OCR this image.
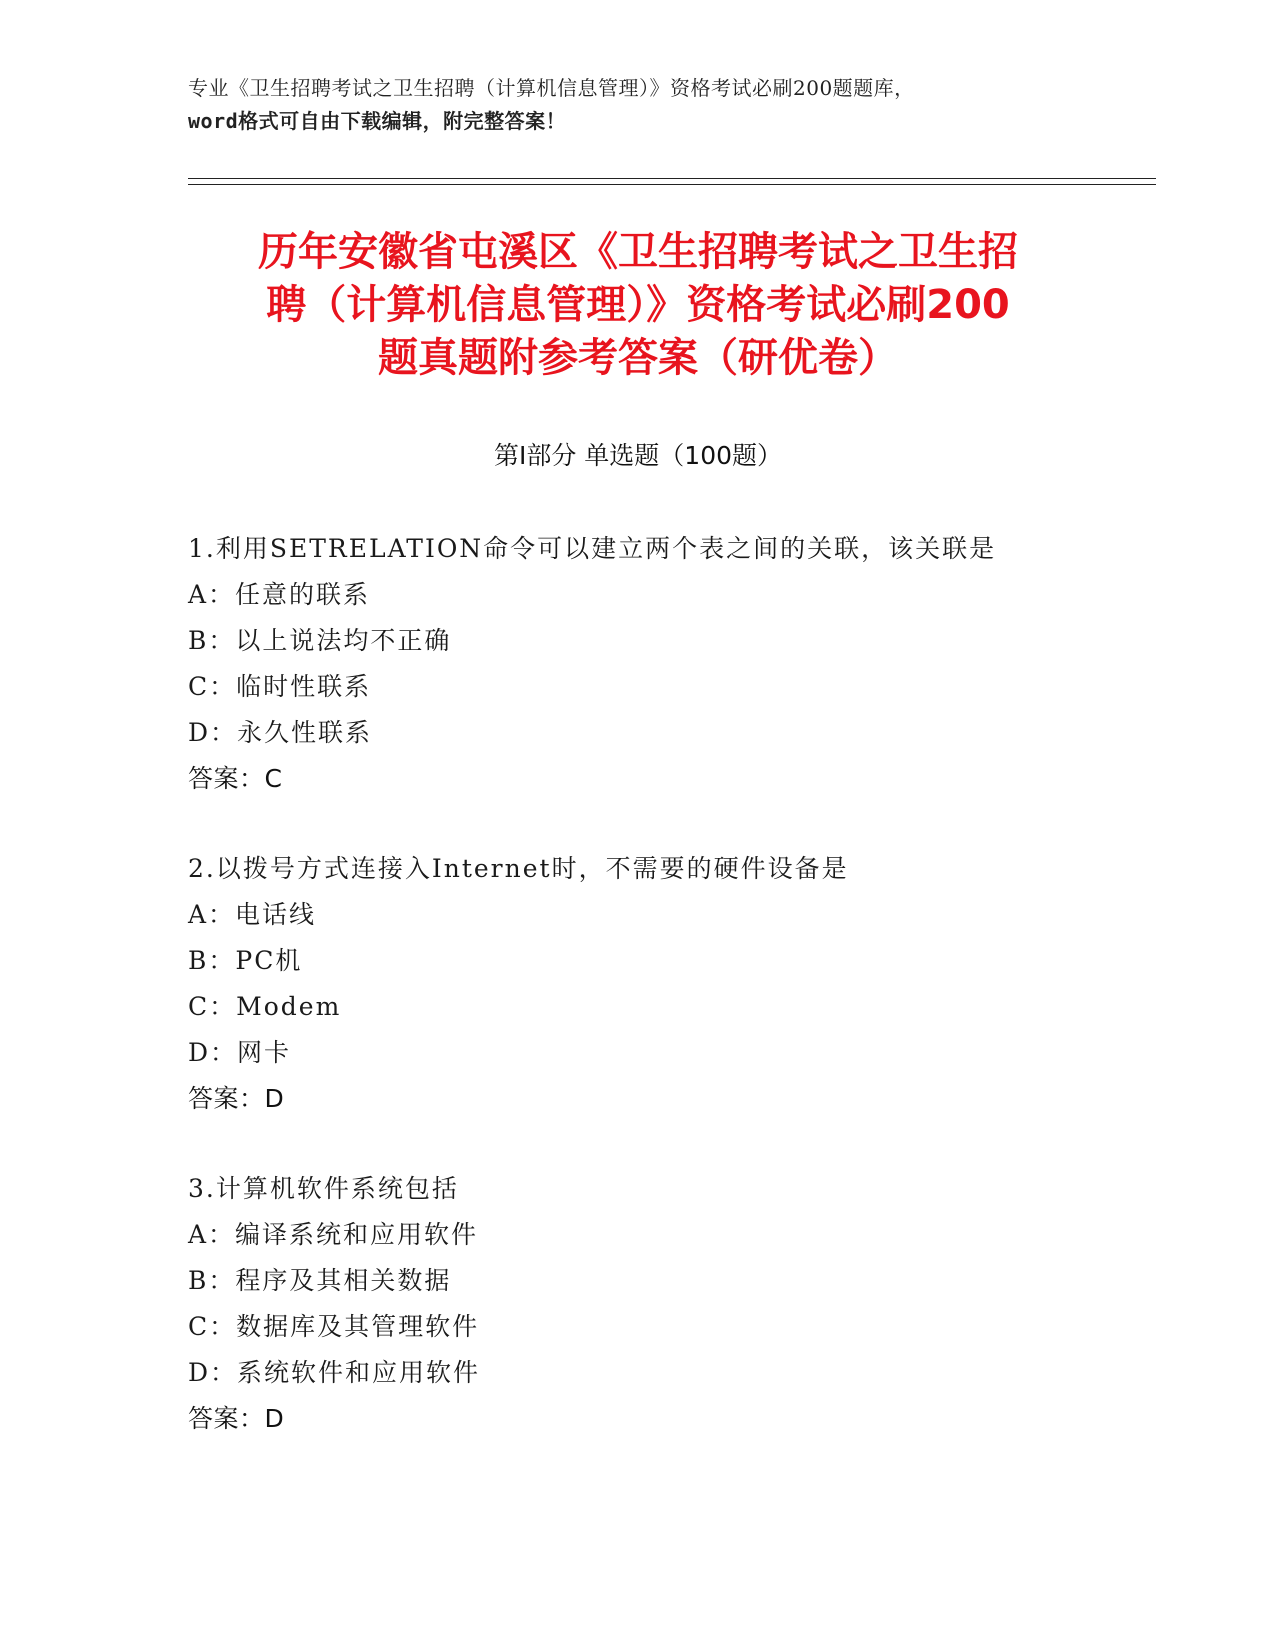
专业《卫生招聘考试之卫生招聘（计算机信息管理）》资格考试必刷200题题库，
word格式可自由下载编辑，附完整答案！
历年安徽省屯溪区《卫生招聘考试之卫生招
聘（计算机信息管理）》资格考试必刷200
题真题附参考答案（研优卷）
第Ⅰ部分 单选题（100题）
1.利用SETRELATION命令可以建立两个表之间的关联，该关联是
A：任意的联系
B：以上说法均不正确
C：临时性联系
D：永久性联系
答案：C
2.以拨号方式连接入Internet时，不需要的硬件设备是
A：电话线
B：PC机
C：Modem
D：网卡
答案：D
3.计算机软件系统包括
A：编译系统和应用软件
B：程序及其相关数据
C：数据库及其管理软件
D：系统软件和应用软件
答案：D
